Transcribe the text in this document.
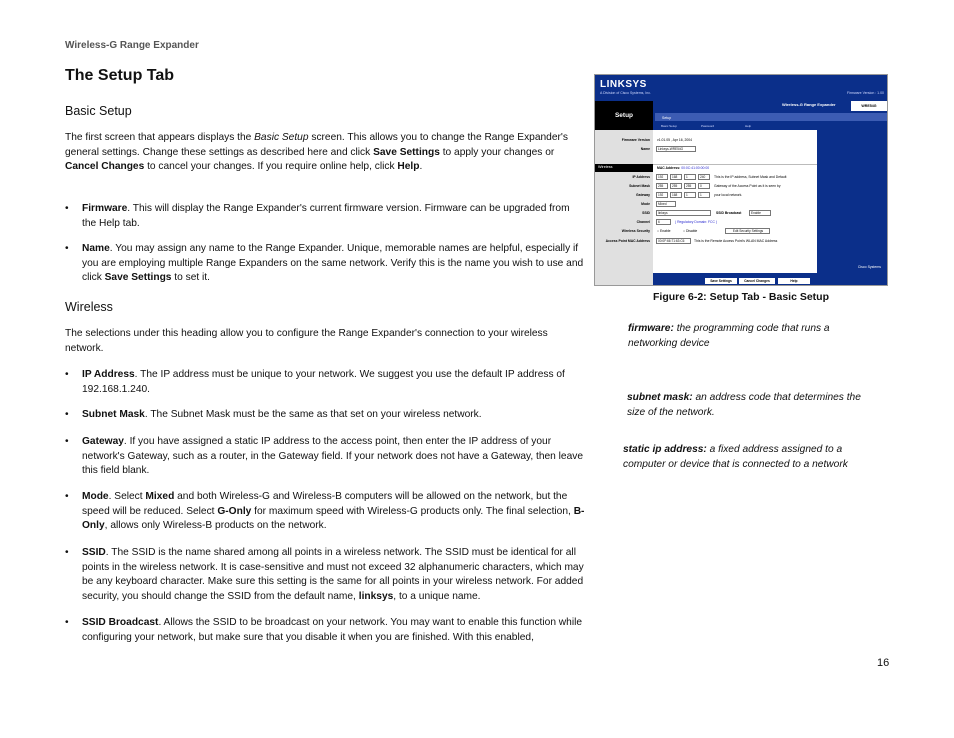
Wireless-G Range Expander
The Setup Tab
Basic Setup

The first screen that appears displays the Basic Setup screen. This allows you to change the Range Expander's general settings. Change these settings as described here and click Save Settings to apply your changes or Cancel Changes to cancel your changes. If you require online help, click Help.

• Firmware. This will display the Range Expander's current firmware version. Firmware can be upgraded from the Help tab.
• Name. You may assign any name to the Range Expander. Unique, memorable names are helpful, especially if you are employing multiple Range Expanders on the same network. Verify this is the name you wish to use and click Save Settings to set it.
Wireless

The selections under this heading allow you to configure the Range Expander's connection to your wireless network.

• IP Address. The IP address must be unique to your network. We suggest you use the default IP address of 192.168.1.240.
• Subnet Mask. The Subnet Mask must be the same as that set on your wireless network.
• Gateway. If you have assigned a static IP address to the access point, then enter the IP address of your network's Gateway, such as a router, in the Gateway field. If your network does not have a Gateway, then leave this field blank.
• Mode. Select Mixed and both Wireless-G and Wireless-B computers will be allowed on the network, but the speed will be reduced. Select G-Only for maximum speed with Wireless-G products only. The final selection, B-Only, allows only Wireless-B products on the network.
• SSID. The SSID is the name shared among all points in a wireless network. The SSID must be identical for all points in the wireless network. It is case-sensitive and must not exceed 32 alphanumeric characters, which may be any keyboard character. Make sure this setting is the same for all points in your wireless network. For added security, you should change the SSID from the default name, linksys, to a unique name.
• SSID Broadcast. Allows the SSID to be broadcast on your network. You may want to enable this function while configuring your network, but make sure that you disable it when you are finished. With this enabled,
LINKSYS
A Division of Cisco Systems, Inc.	Firmware Version : 1.00
Setup
Wireless-G Range Expander	WRE54G
Setup
Basic Setup	Password	Help
Wireless
Firmware Version v1.01.05 , Apr 16, 2004
Name	Linksys-WRE54G
MAC Address: 00:0C:41:00:00:00
IP Address	192	168	1	240	This is the IP address, Subnet Mask and Default
Subnet Mask	255	255	255	0	Gateway of the Access Point as it is seen by
Gateway	192	168	1	1	your local network.
Mode	Mixed
SSID	linksys	SSID Broadcast	Enable
Channel	6	( Regulatory Domain: FCC )
Wireless Security ○ Enable	○ Disable	Edit Security Settings
Access Point MAC Address	00:0F:66:71:63:C6	This is the Remote Access Point's WLAN MAC Address
Save Settings	Cancel Changes	Help
Cisco Systems
Figure 6-2: Setup Tab - Basic Setup
firmware: the programming code that runs a networking device
subnet mask: an address code that determines the size of the network.
static ip address: a fixed address assigned to a computer or device that is connected to a network
16
